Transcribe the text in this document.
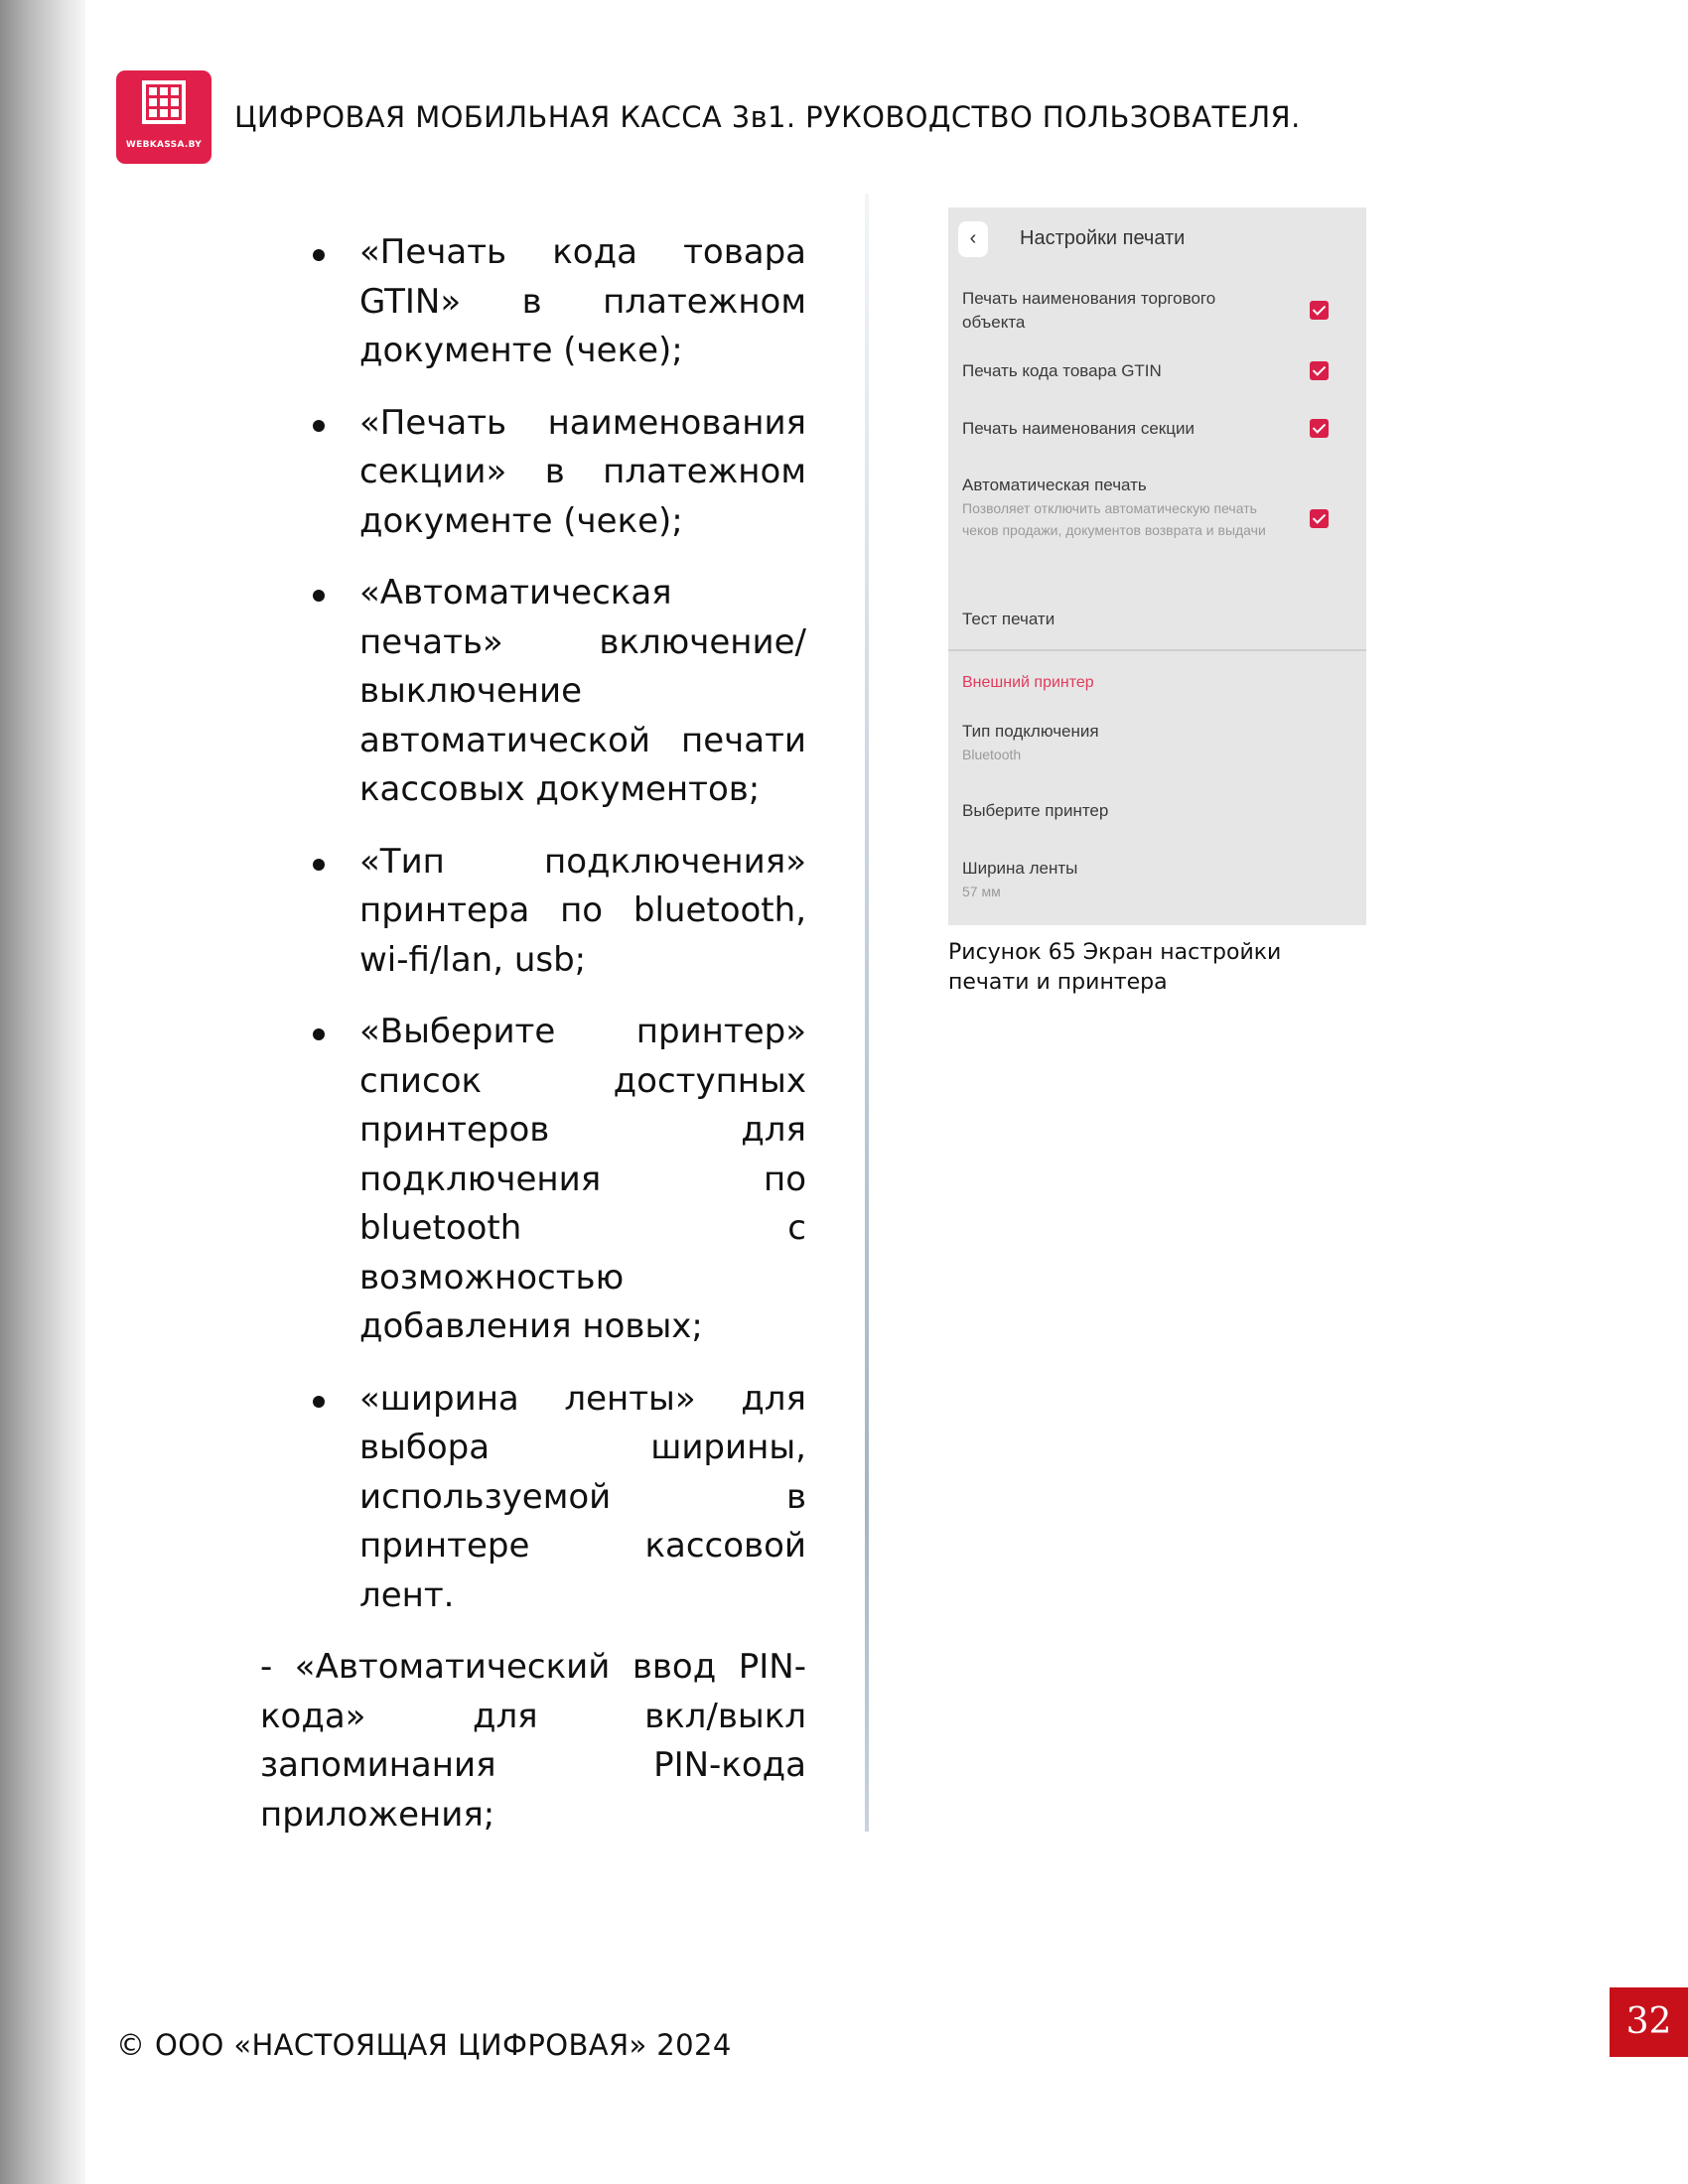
WEBKASSA.BY
ЦИФРОВАЯ МОБИЛЬНАЯ КАССА 3в1. РУКОВОДСТВО ПОЛЬЗОВАТЕЛЯ.
«Печать кода товара GTIN» в платежном документе (чеке);
«Печать наименования секции» в платежном документе (чеке);
«Автоматическая печать» включение/выключение автоматической печати кассовых документов;
«Тип подключения» принтера по bluetooth, wi-fi/lan, usb;
«Выберите принтер» список доступных принтеров для подключения по bluetooth с возможностью добавления новых;
«ширина ленты» для выбора ширины, используемой в принтере кассовой лент.

- «Автоматический ввод PIN-кода» для вкл/выкл запоминания PIN-кода приложения;

‹	Настройки печати
Печать наименования торгового объекта
Печать кода товара GTIN
Печать наименования секции
Автоматическая печать
Позволяет отключить автоматическую печать чеков продажи, документов возврата и выдачи
Тест печати
Внешний принтер
Тип подключения
Bluetooth
Выберите принтер
Ширина ленты
57 мм
Рисунок 65 Экран настройки печати и принтера
© ООО «НАСТОЯЩАЯ ЦИФРОВАЯ» 2024
32
